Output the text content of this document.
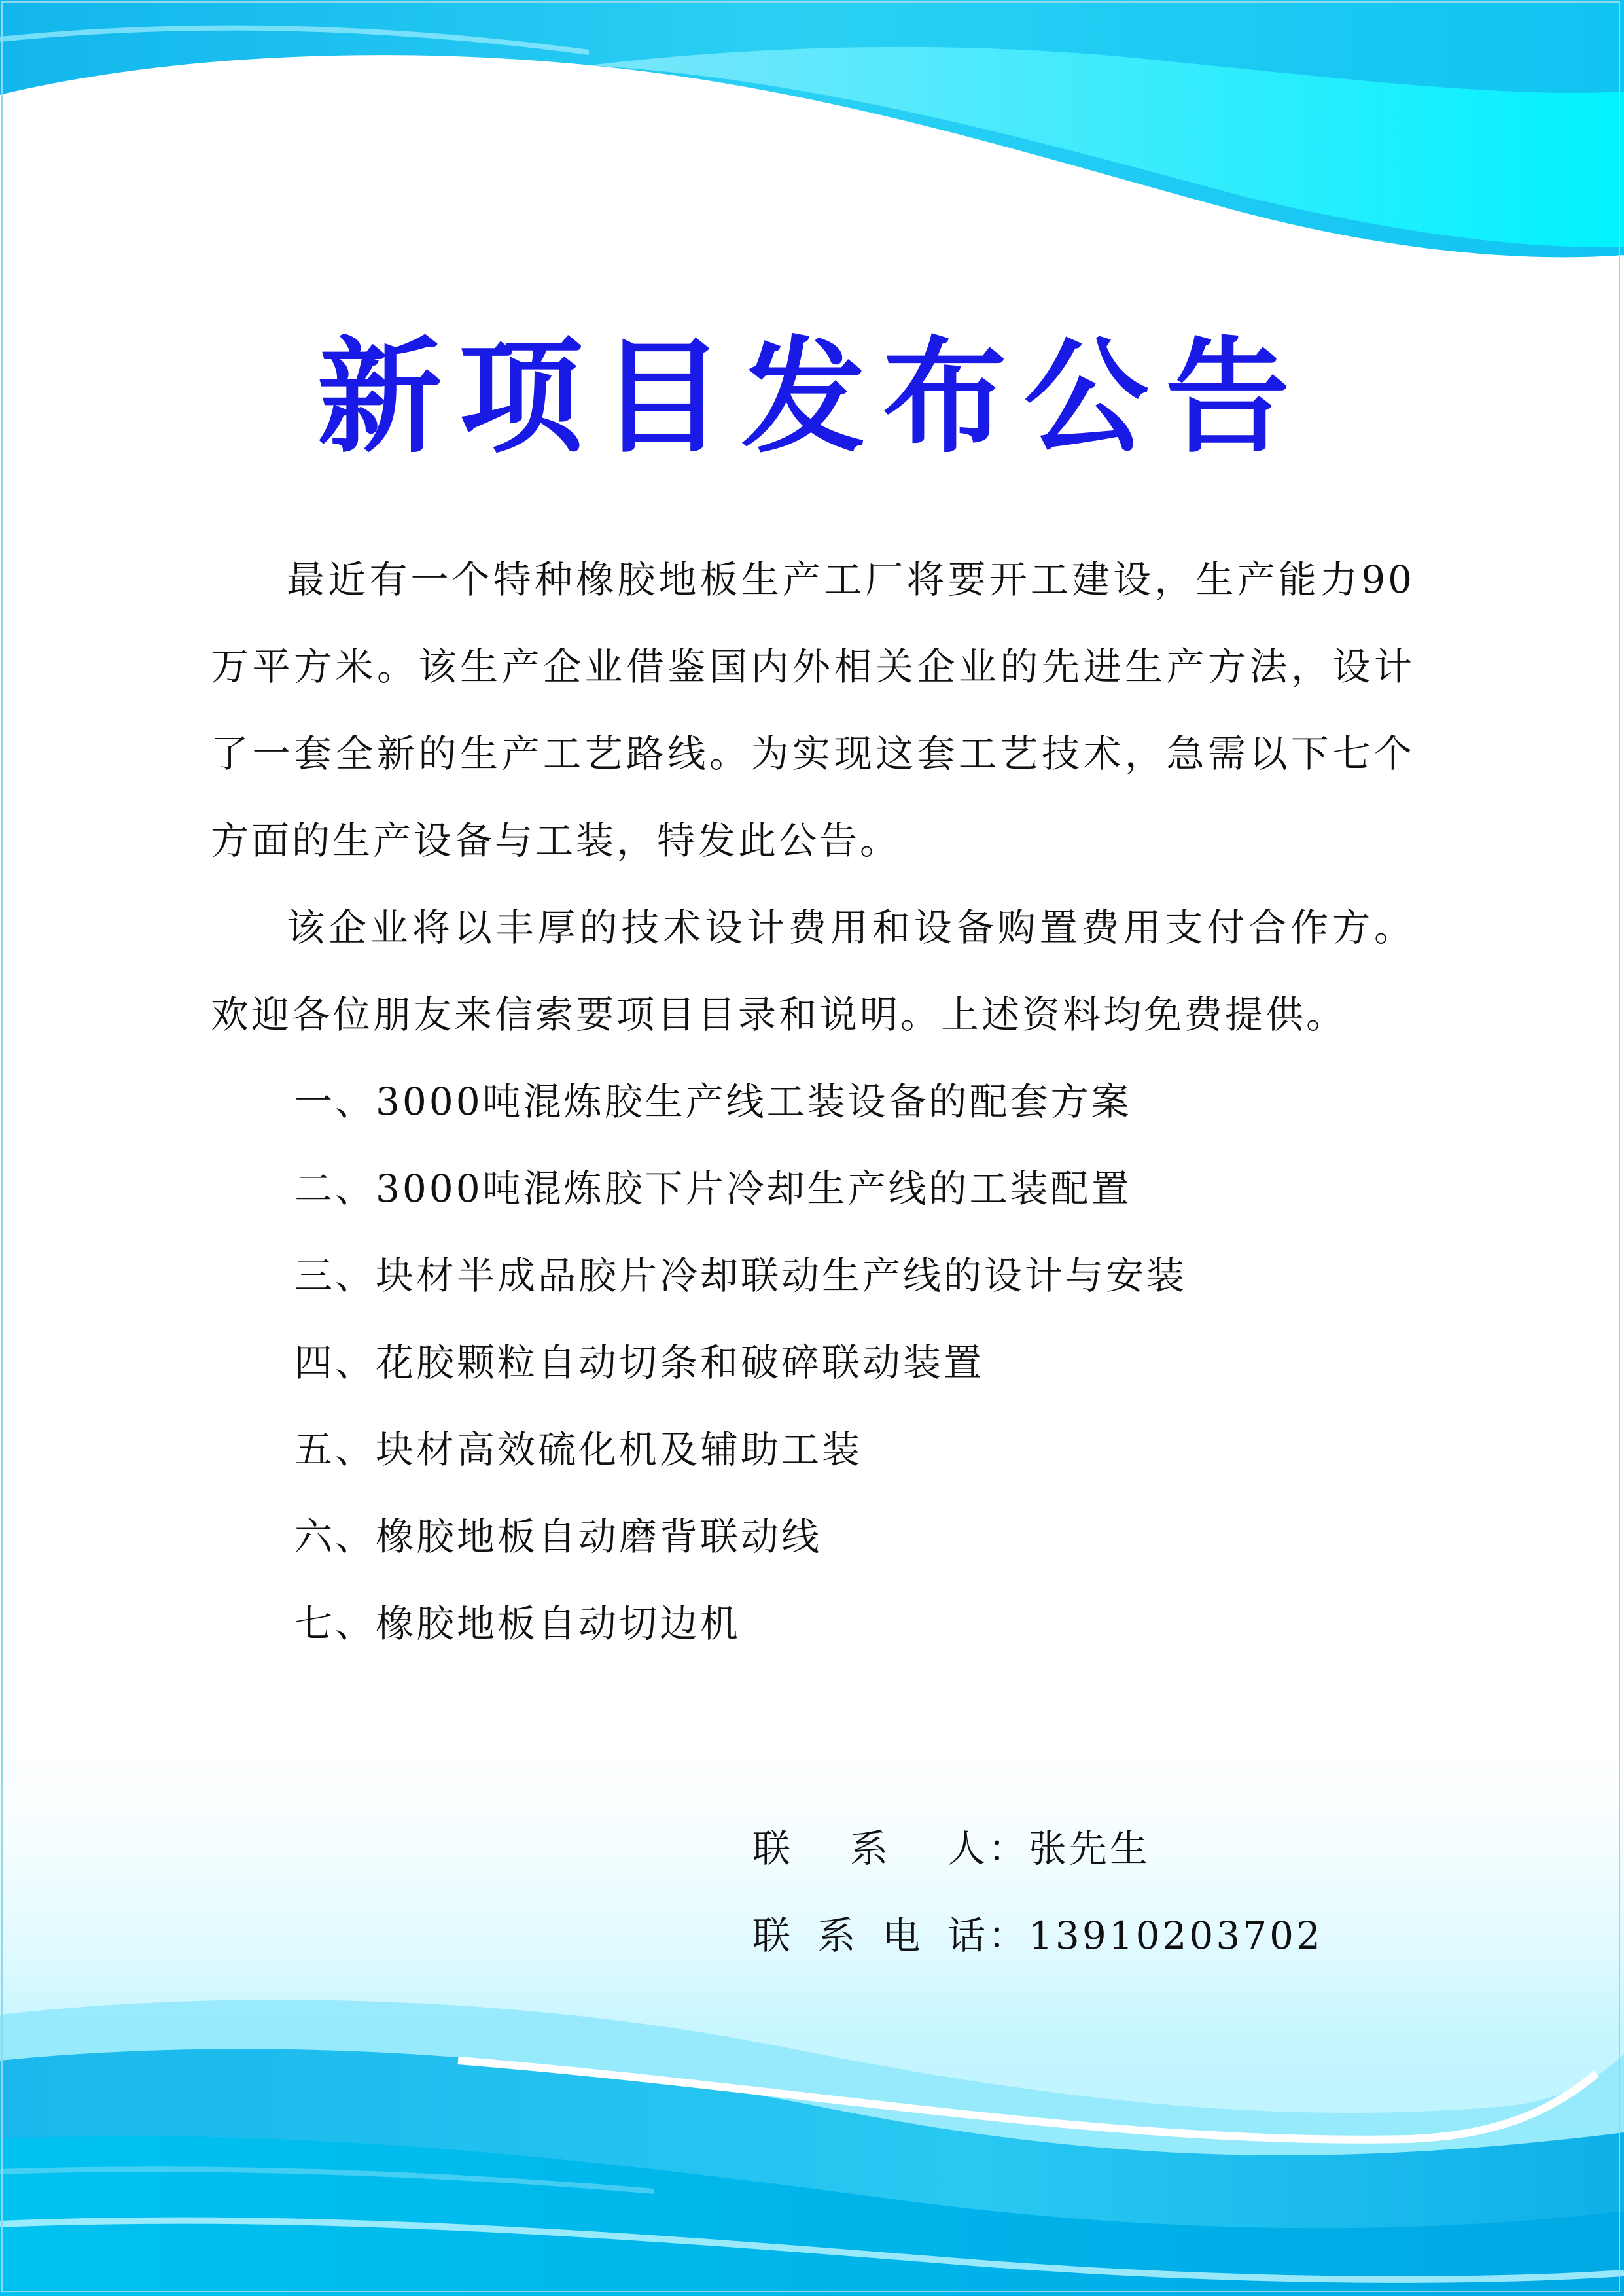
新项目发布公告

最近有一个特种橡胶地板生产工厂将要开工建设，生产能力90万平方米。该生产企业借鉴国内外相关企业的先进生产方法，设计了一套全新的生产工艺路线。为实现这套工艺技术，急需以下七个方面的生产设备与工装，特发此公告。

该企业将以丰厚的技术设计费用和设备购置费用支付合作方。欢迎各位朋友来信索要项目目录和说明。上述资料均免费提供。

一、3000吨混炼胶生产线工装设备的配套方案

二、3000吨混炼胶下片冷却生产线的工装配置

三、块材半成品胶片冷却联动生产线的设计与安装

四、花胶颗粒自动切条和破碎联动装置

五、块材高效硫化机及辅助工装

六、橡胶地板自动磨背联动线

七、橡胶地板自动切边机

联系人：张先生
联系电话：13910203702
